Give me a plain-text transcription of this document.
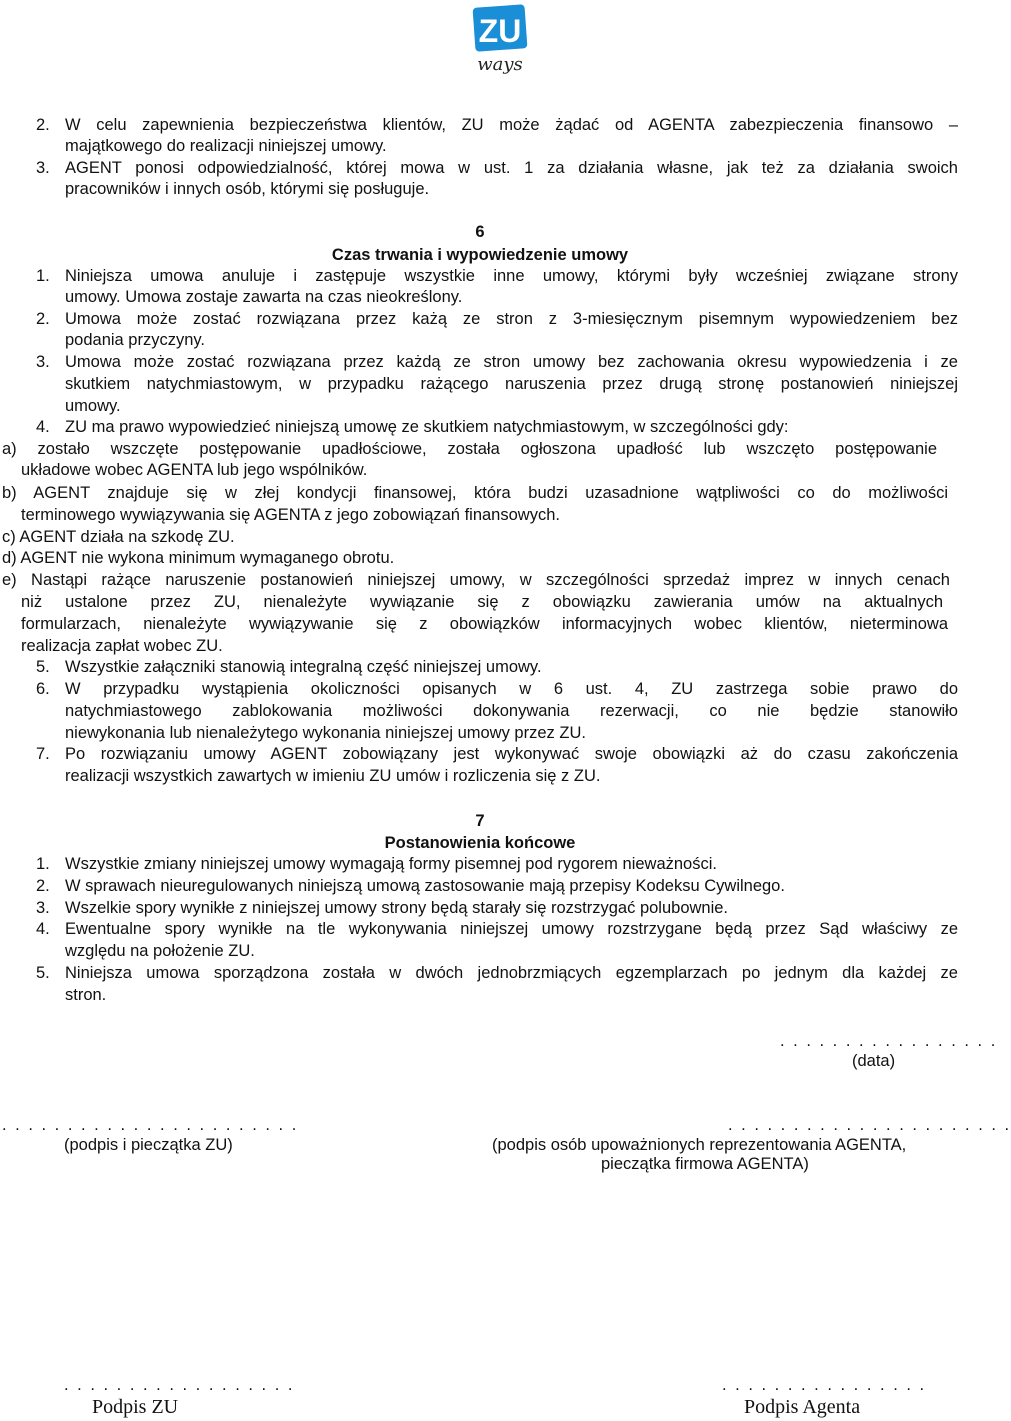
ZU
ways
2. W celu zapewnienia bezpieczeństwa klientów, ZU może żądać od AGENTA zabezpieczenia finansowo –
majątkowego do realizacji niniejszej umowy.
3. AGENT ponosi odpowiedzialność, której mowa w ust. 1 za działania własne, jak też za działania swoich
pracowników i innych osób, którymi się posługuje.
6
Czas trwania i wypowiedzenie umowy
1. Niniejsza umowa anuluje i zastępuje wszystkie inne umowy, którymi były wcześniej związane strony
umowy. Umowa zostaje zawarta na czas nieokreślony.
2. Umowa może zostać rozwiązana przez każą ze stron z 3-miesięcznym pisemnym wypowiedzeniem bez
podania przyczyny.
3. Umowa może zostać rozwiązana przez każdą ze stron umowy bez zachowania okresu wypowiedzenia i ze
skutkiem natychmiastowym, w przypadku rażącego naruszenia przez drugą stronę postanowień niniejszej
umowy.
4. ZU ma prawo wypowiedzieć niniejszą umowę ze skutkiem natychmiastowym, w szczególności gdy:
a) zostało wszczęte postępowanie upadłościowe, została ogłoszona upadłość lub wszczęto postępowanie
układowe wobec AGENTA lub jego wspólników.
b) AGENT znajduje się w złej kondycji finansowej, która budzi uzasadnione wątpliwości co do możliwości
terminowego wywiązywania się AGENTA z jego zobowiązań finansowych.
c) AGENT działa na szkodę ZU.
d) AGENT nie wykona minimum wymaganego obrotu.
e) Nastąpi rażące naruszenie postanowień niniejszej umowy, w szczególności sprzedaż imprez w innych cenach
niż ustalone przez ZU, nienależyte wywiązanie się z obowiązku zawierania umów na aktualnych
formularzach, nienależyte wywiązywanie się z obowiązków informacyjnych wobec klientów, nieterminowa
realizacja zapłat wobec ZU.
5. Wszystkie załączniki stanowią integralną część niniejszej umowy.
6. W przypadku wystąpienia okoliczności opisanych w 6 ust. 4, ZU zastrzega sobie prawo do
natychmiastowego zablokowania możliwości dokonywania rezerwacji, co nie będzie stanowiło
niewykonania lub nienależytego wykonania niniejszej umowy przez ZU.
7. Po rozwiązaniu umowy AGENT zobowiązany jest wykonywać swoje obowiązki aż do czasu zakończenia
realizacji wszystkich zawartych w imieniu ZU umów i rozliczenia się z ZU.
7
Postanowienia końcowe
1. Wszystkie zmiany niniejszej umowy wymagają formy pisemnej pod rygorem nieważności.
2. W sprawach nieuregulowanych niniejszą umową zastosowanie mają przepisy Kodeksu Cywilnego.
3. Wszelkie spory wynikłe z niniejszej umowy strony będą starały się rozstrzygać polubownie.
4. Ewentualne spory wynikłe na tle wykonywania niniejszej umowy rozstrzygane będą przez Sąd właściwy ze
względu na położenie ZU.
5. Niniejsza umowa sporządzona została w dwóch jednobrzmiących egzemplarzach po jednym dla każdej ze
stron.
. . . . . . . . . . . . . . . . .
(data)
. . . . . . . . . . . . . . . . . . . . . . .
(podpis i pieczątka ZU)
. . . . . . . . . . . . . . . . . . . . . .
(podpis osób upoważnionych reprezentowania AGENTA,
pieczątka firmowa AGENTA)
. . . . . . . . . . . . . . . . . .
Podpis ZU
. . . . . . . . . . . . . . . .
Podpis Agenta
